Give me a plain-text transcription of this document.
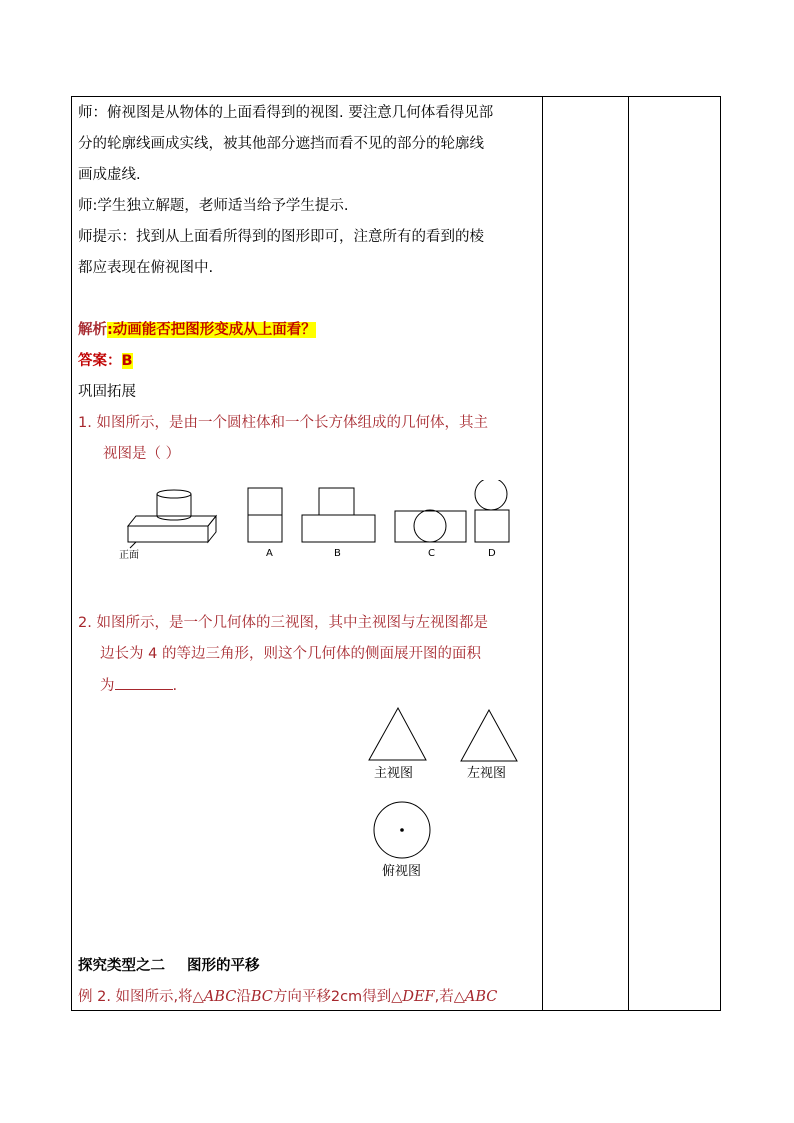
师：俯视图是从物体的上面看得到的视图. 要注意几何体看得见部
分的轮廓线画成实线，被其他部分遮挡而看不见的部分的轮廓线
画成虚线.
师:学生独立解题，老师适当给予学生提示.
师提示：找到从上面看所得到的图形即可，注意所有的看到的棱
都应表现在俯视图中.
解析:动画能否把图形变成从上面看？
答案：B
巩固拓展
1. 如图所示，是由一个圆柱体和一个长方体组成的几何体，其主
视图是（ ）
正面	A	B	C	D
2. 如图所示，是一个几何体的三视图，其中主视图与左视图都是
边长为 4 的等边三角形，则这个几何体的侧面展开图的面积
为	.
主视图	左视图
俯视图
探究类型之二 图形的平移
例 2. 如图所示,将△ABC沿BC方向平移2cm得到△DEF,若△ABC
